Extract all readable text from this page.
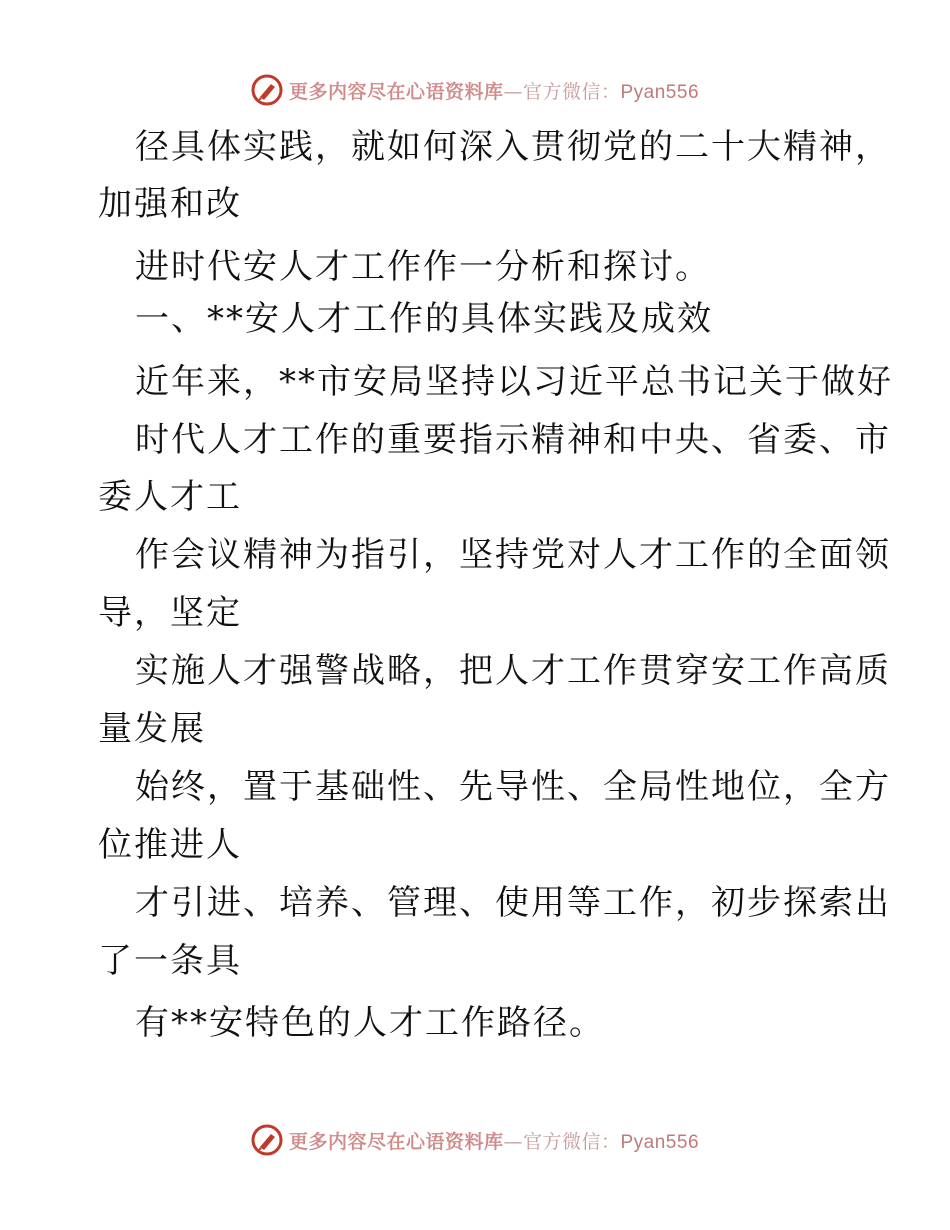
更多内容尽在心语资料库—官方微信：Pyan556
径具体实践，就如何深入贯彻党的二十大精神，
加强和改
进时代安人才工作作一分析和探讨。
一、**安人才工作的具体实践及成效
近年来，**市安局坚持以习近平总书记关于做好
时代人才工作的重要指示精神和中央、省委、市
委人才工
作会议精神为指引，坚持党对人才工作的全面领
导，坚定
实施人才强警战略，把人才工作贯穿安工作高质
量发展
始终，置于基础性、先导性、全局性地位，全方
位推进人
才引进、培养、管理、使用等工作，初步探索出
了一条具
有**安特色的人才工作路径。
更多内容尽在心语资料库—官方微信：Pyan556
